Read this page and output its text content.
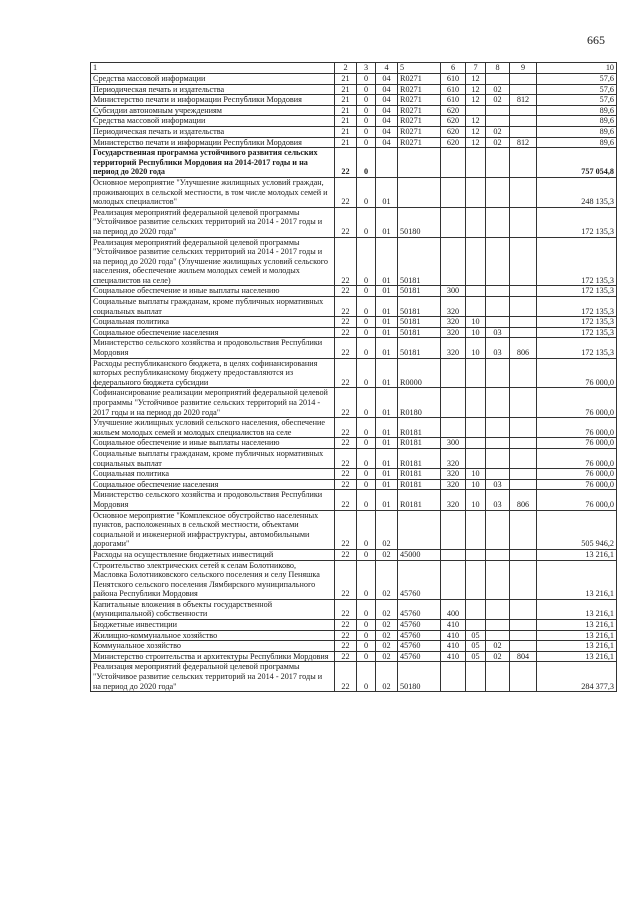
665
1	2	3	4	5	6	7	8	9	10
Средства массовой информации	21	0	04	R0271	610	12			57,6
Периодическая печать и издательства	21	0	04	R0271	610	12	02		57,6
Министерство печати и информации Республики Мордовия	21	0	04	R0271	610	12	02	812	57,6
Субсидии автономным учреждениям	21	0	04	R0271	620				89,6
Средства массовой информации	21	0	04	R0271	620	12			89,6
Периодическая печать и издательства	21	0	04	R0271	620	12	02		89,6
Министерство печати и информации Республики Мордовия	21	0	04	R0271	620	12	02	812	89,6
Государственная программа устойчивого развития сельских территорий Республики Мордовия на 2014-2017 годы и на период до 2020 года	22	0							757 054,8
Основное мероприятие "Улучшение жилищных условий граждан, проживающих в сельской местности, в том числе молодых семей и молодых специалистов"	22	0	01						248 135,3
Реализация мероприятий федеральной целевой программы "Устойчивое развитие сельских территорий на 2014 - 2017 годы и на период до 2020 года"	22	0	01	50180					172 135,3
Реализация мероприятий федеральной целевой программы "Устойчивое развитие сельских территорий на 2014 - 2017 годы и на период до 2020 года" (Улучшение жилищных условий сельского населения, обеспечение жильем молодых семей и молодых специалистов на селе)	22	0	01	50181					172 135,3
Социальное обеспечение и иные выплаты населению	22	0	01	50181	300				172 135,3
Социальные выплаты гражданам, кроме публичных нормативных социальных выплат	22	0	01	50181	320				172 135,3
Социальная политика	22	0	01	50181	320	10			172 135,3
Социальное обеспечение населения	22	0	01	50181	320	10	03		172 135,3
Министерство сельского хозяйства и продовольствия Республики Мордовия	22	0	01	50181	320	10	03	806	172 135,3
Расходы республиканского бюджета, в целях софинансирования которых республиканскому бюджету предоставляются из федерального бюджета субсидии	22	0	01	R0000					76 000,0
Софинансирование реализации мероприятий федеральной целевой программы "Устойчивое развитие сельских территорий на 2014 - 2017 годы и на период до 2020 года"	22	0	01	R0180					76 000,0
Улучшение жилищных условий сельского населения, обеспечение жильем молодых семей и молодых специалистов на селе	22	0	01	R0181					76 000,0
Социальное обеспечение и иные выплаты населению	22	0	01	R0181	300				76 000,0
Социальные выплаты гражданам, кроме публичных нормативных социальных выплат	22	0	01	R0181	320				76 000,0
Социальная политика	22	0	01	R0181	320	10			76 000,0
Социальное обеспечение населения	22	0	01	R0181	320	10	03		76 000,0
Министерство сельского хозяйства и продовольствия Республики Мордовия	22	0	01	R0181	320	10	03	806	76 000,0
Основное мероприятие "Комплексное обустройство населенных пунктов, расположенных в сельской местности, объектами социальной и инженерной инфраструктуры, автомобильными дорогами"	22	0	02						505 946,2
Расходы на осуществление бюджетных инвестиций	22	0	02	45000					13 216,1
Строительство электрических сетей к селам Болотниково, Масловка Болотниковского сельского поселения и селу Пеняшка Пенятского сельского поселения Лямбирского муниципального района Республики Мордовия	22	0	02	45760					13 216,1
Капитальные вложения в объекты государственной (муниципальной) собственности	22	0	02	45760	400				13 216,1
Бюджетные инвестиции	22	0	02	45760	410				13 216,1
Жилищно-коммунальное хозяйство	22	0	02	45760	410	05			13 216,1
Коммунальное хозяйство	22	0	02	45760	410	05	02		13 216,1
Министерство строительства и архитектуры Республики Мордовия	22	0	02	45760	410	05	02	804	13 216,1
Реализация мероприятий федеральной целевой программы "Устойчивое развитие сельских территорий на 2014 - 2017 годы и на период до 2020 года"	22	0	02	50180					284 377,3
